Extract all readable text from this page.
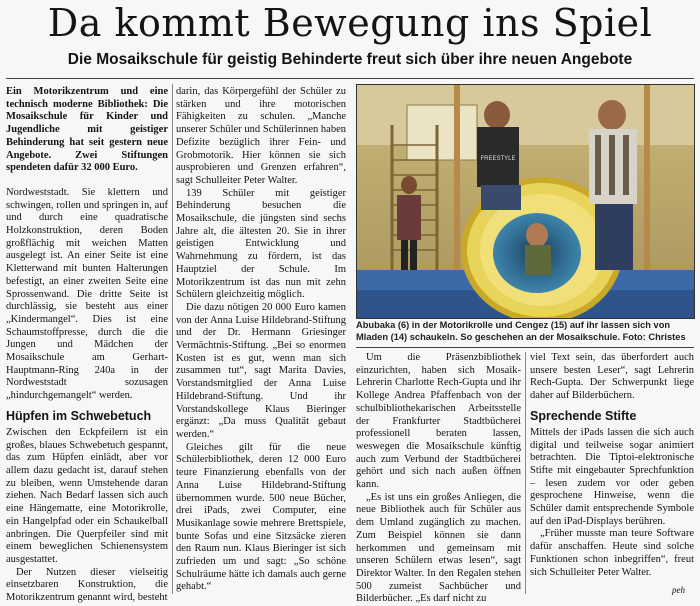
Da kommt Bewegung ins Spiel
Die Mosaikschule für geistig Behinderte freut sich über ihre neuen Angebote

Ein Motorikzentrum und eine technisch moderne Bibliothek: Die Mosaikschule für Kinder und Jugendliche mit geistiger Behinderung hat seit gestern neue Angebote. Zwei Stiftungen spendeten dafür 32 000 Euro.

Nordweststadt. Sie klettern und schwingen, rollen und springen in, auf und durch eine quadratische Holzkonstruktion, deren Boden großflächig mit weichen Matten ausgelegt ist. An einer Seite ist eine Kletterwand mit bunten Halterungen befestigt, an einer zweiten Seite eine Sprossenwand. Die dritte Seite ist durchlässig, sie besteht aus einer „Kindermangel“. Dies ist eine Schaumstoffpresse, durch die die Jungen und Mädchen der Mosaikschule am Gerhart-Hauptmann-Ring 240a in der Nordweststadt sozusagen „hindurchgemangelt“ werden.

Hüpfen im Schwebetuch

Zwischen den Eckpfeilern ist ein großes, blaues Schwebetuch gespannt, das zum Hüpfen einlädt, aber vor allem dazu gedacht ist, darauf stehen zu bleiben, wenn Umstehende daran ziehen. Nach Bedarf lassen sich auch eine Hängematte, eine Motorikrolle, ein Hangelpfad oder ein Schaukelball anbringen. Die Querpfeiler sind mit einem beweglichen Schienensystem ausgestattet.

Der Nutzen dieser vielseitig einsetzbaren Konstruktion, die Motorikzentrum genannt wird, besteht

darin, das Körpergefühl der Schüler zu stärken und ihre motorischen Fähigkeiten zu schulen. „Manche unserer Schüler und Schülerinnen haben Defizite bezüglich ihrer Fein- und Grobmotorik. Hier können sie sich ausprobieren und Grenzen erfahren“, sagt Schulleiter Peter Walter.

139 Schüler mit geistiger Behinderung besuchen die Mosaikschule, die jüngsten sind sechs Jahre alt, die ältesten 20. Sie in ihrer geistigen Entwicklung und Wahrnehmung zu fördern, ist das Hauptziel der Schule. Im Motorikzentrum ist das nun mit zehn Schülern gleichzeitig möglich.

Die dazu nötigen 20 000 Euro kamen von der Anna Luise Hildebrand-Stiftung und der Dr. Hermann Griesinger Vermächtnis-Stiftung. „Bei so enormen Kosten ist es gut, wenn man sich zusammen tut“, sagt Marita Davies, Vorstandsmitglied der Anna Luise Hildebrand-Stiftung. Und ihr Vorstandskollege Klaus Bieringer ergänzt: „Da muss Qualität gebaut werden.“

Gleiches gilt für die neue Schülerbibliothek, deren 12 000 Euro teure Finanzierung ebenfalls von der Anna Luise Hildebrand-Stiftung übernommen wurde. 500 neue Bücher, drei iPads, zwei Computer, eine Musikanlage sowie mehrere Brettspiele, bunte Sofas und eine Sitzsäcke zieren den Raum nun. Klaus Bieringer ist sich zufrieden um und sagt: „So schöne Schulräume hätte ich damals auch gerne gehabt.“

FREESTYLE
Abubaka (6) in der Motorikrolle und Cengez (15) auf ihr lassen sich von Mladen (14) schaukeln. So geschehen an der Mosaikschule. Foto: Christes

Um die Präsenzbibliothek einzurichten, haben sich Mosaik-Lehrerin Charlotte Rech-Gupta und ihr Kollege Andrea Pfaffenbach von der schulbibliothekarischen Arbeitsstelle der Frankfurter Stadtbücherei professionell beraten lassen, weswegen die Mosaikschule künftig auch zum Verbund der Stadtbücherei gehört und sich nach außen öffnen kann.

„Es ist uns ein großes Anliegen, die neue Bibliothek auch für Schüler aus dem Umland zugänglich zu machen. Zum Beispiel können sie dann herkommen und gemeinsam mit unseren Schülern etwas lesen“, sagt Direktor Walter. In den Regalen stehen 500 zumeist Sachbücher und Bilderbücher. „Es darf nicht zu

viel Text sein, das überfordert auch unsere besten Leser“, sagt Lehrerin Rech-Gupta. Der Schwerpunkt liege daher auf Bilderbüchern.

Sprechende Stifte

Mittels der iPads lassen die sich auch digital und teilweise sogar animiert betrachten. Die Tiptoi-elektronische Stifte mit eingebauter Sprechfunktion – lesen zudem vor oder geben gesprochene Hinweise, wenn die Schüler damit entsprechende Symbole auf den iPad-Displays berühren.

„Früher musste man teure Software dafür anschaffen. Heute sind solche Funktionen schon inbegriffen“, freut sich Schulleiter Peter Walter.

peh
